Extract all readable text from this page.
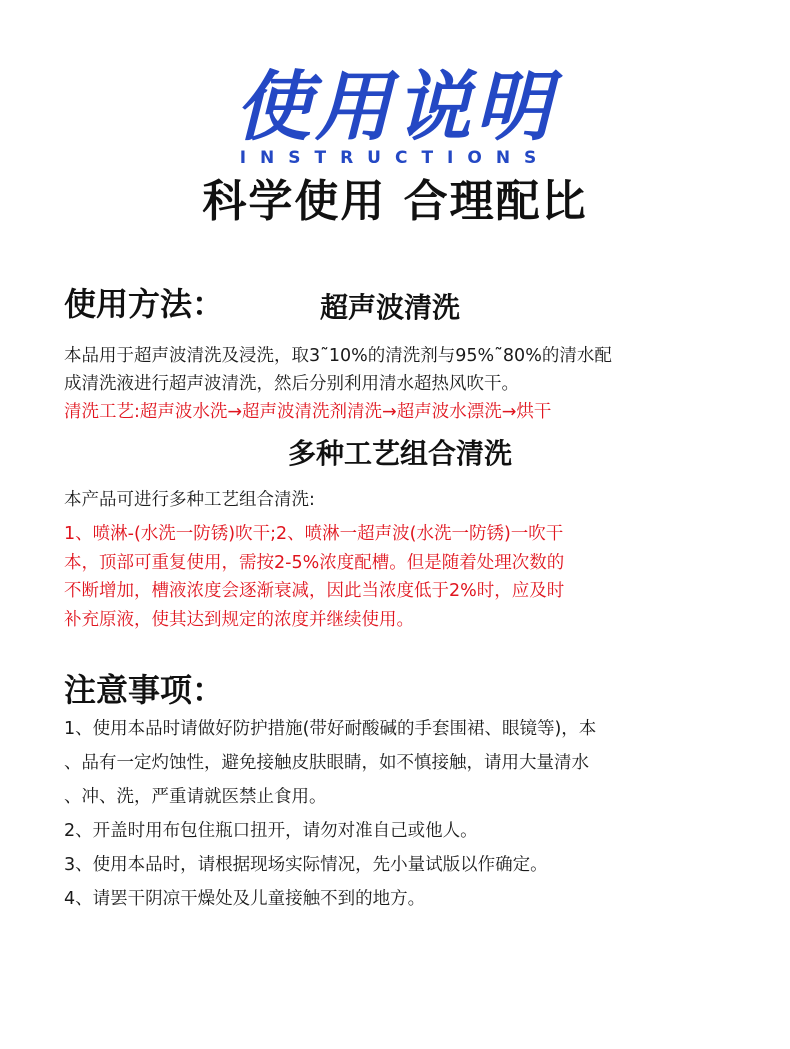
使用说明
INSTRUCTIONS
科学使用 合理配比
使用方法：	超声波清洗
本品用于超声波清洗及浸洗，取3˜10%的清洗剂与95%˜80%的清水配
成清洗液进行超声波清洗，然后分别利用清水超热风吹干。
清洗工艺:超声波水洗→超声波清洗剂清洗→超声波水漂洗→烘干
多种工艺组合清洗
本产品可进行多种工艺组合清洗:
1、喷淋-(水洗一防锈)吹干;2、喷淋一超声波(水洗一防锈)一吹干
本，顶部可重复使用，需按2-5%浓度配槽。但是随着处理次数的
不断增加，槽液浓度会逐渐衰减，因此当浓度低于2%时，应及时
补充原液，使其达到规定的浓度并继续使用。
注意事项：
1、使用本品时请做好防护措施(带好耐酸碱的手套围裙、眼镜等)，本
、品有一定灼蚀性，避免接触皮肤眼睛，如不慎接触，请用大量清水
、冲、洗，严重请就医禁止食用。
2、开盖时用布包住瓶口扭开，请勿对准自己或他人。
3、使用本品时，请根据现场实际情况，先小量试版以作确定。
4、请罢干阴凉干燥处及儿童接触不到的地方。
